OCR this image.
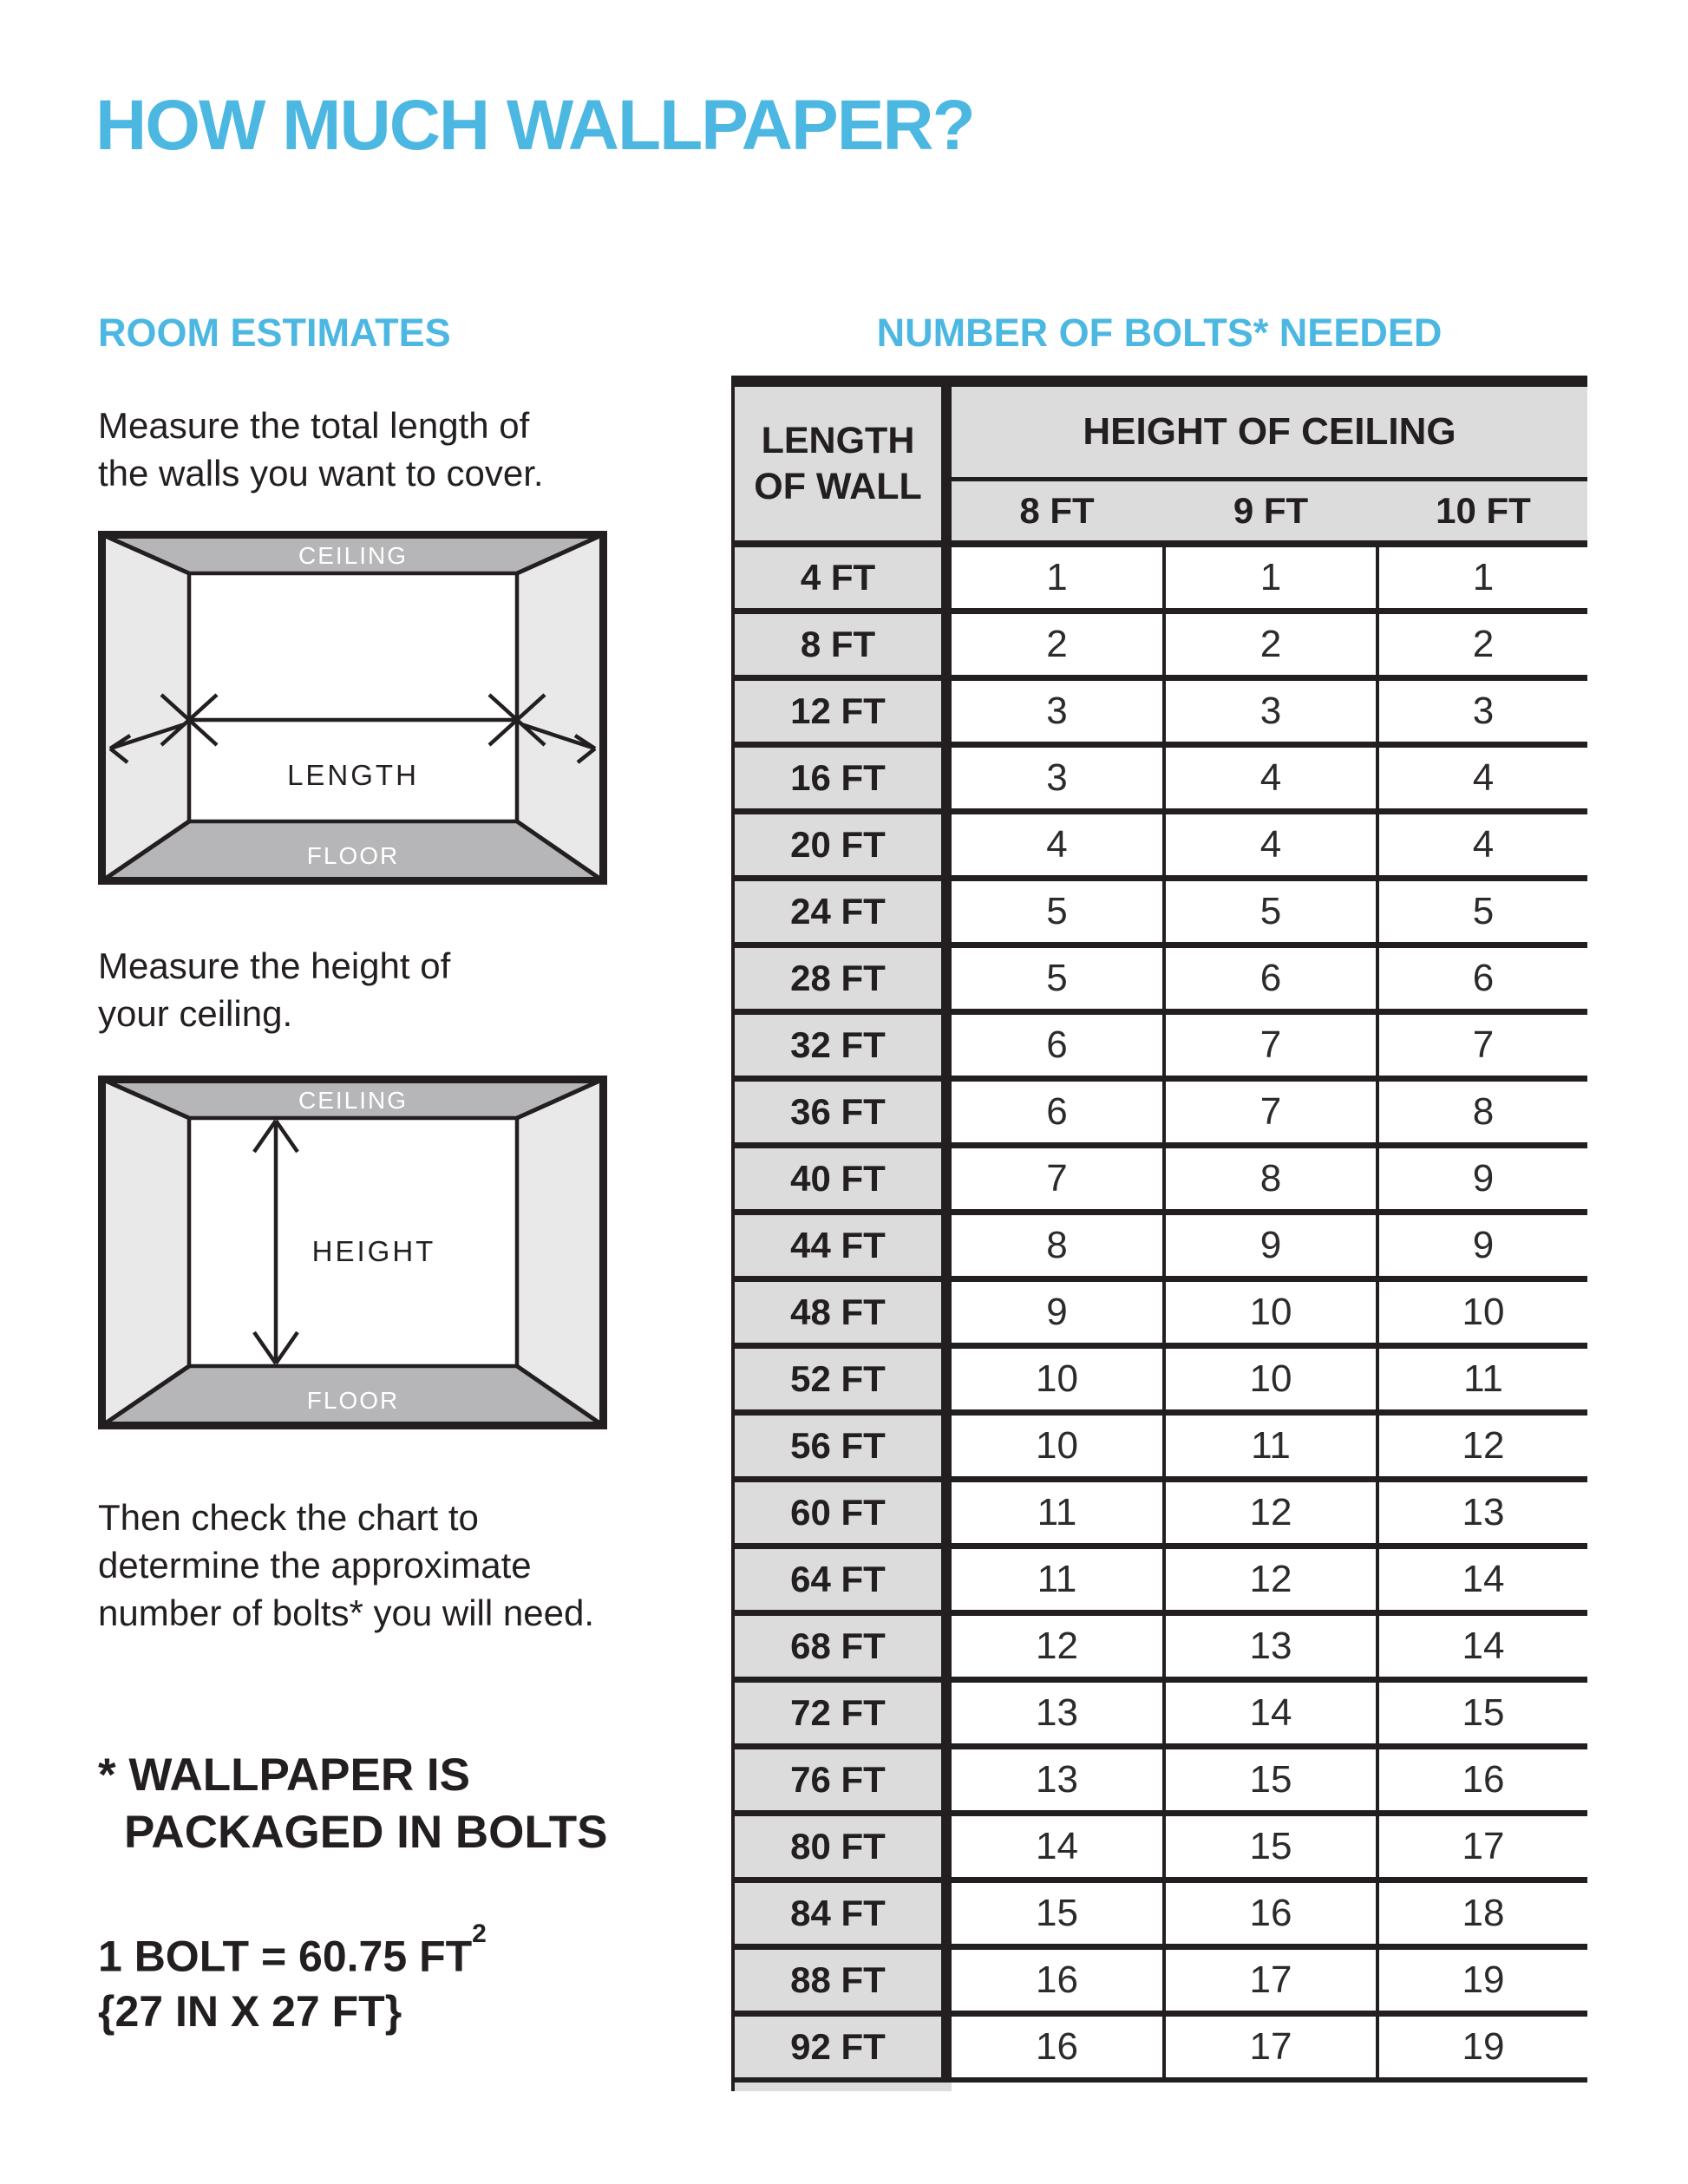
HOW MUCH WALLPAPER?
ROOM ESTIMATES	NUMBER OF BOLTS* NEEDED
Measure the total length of
the walls you want to cover.
CEILING
FLOOR
LENGTH
Measure the height of
your ceiling.
CEILING
FLOOR
HEIGHT
Then check the chart to
determine the approximate
number of bolts* you will need.
* WALLPAPER IS
PACKAGED IN BOLTS
1 BOLT = 60.75 $FT^2$
{27 IN X 27 FT}
LENGTH
OF WALL
HEIGHT OF CEILING
8 FT	9 FT	10 FT
4 FT	1	1	1
8 FT	2	2	2
12 FT	3	3	3
16 FT	3	4	4
20 FT	4	4	4
24 FT	5	5	5
28 FT	5	6	6
32 FT	6	7	7
36 FT	6	7	8
40 FT	7	8	9
44 FT	8	9	9
48 FT	9	10	10
52 FT	10	10	11
56 FT	10	11	12
60 FT	11	12	13
64 FT	11	12	14
68 FT	12	13	14
72 FT	13	14	15
76 FT	13	15	16
80 FT	14	15	17
84 FT	15	16	18
88 FT	16	17	19
92 FT	16	17	19
